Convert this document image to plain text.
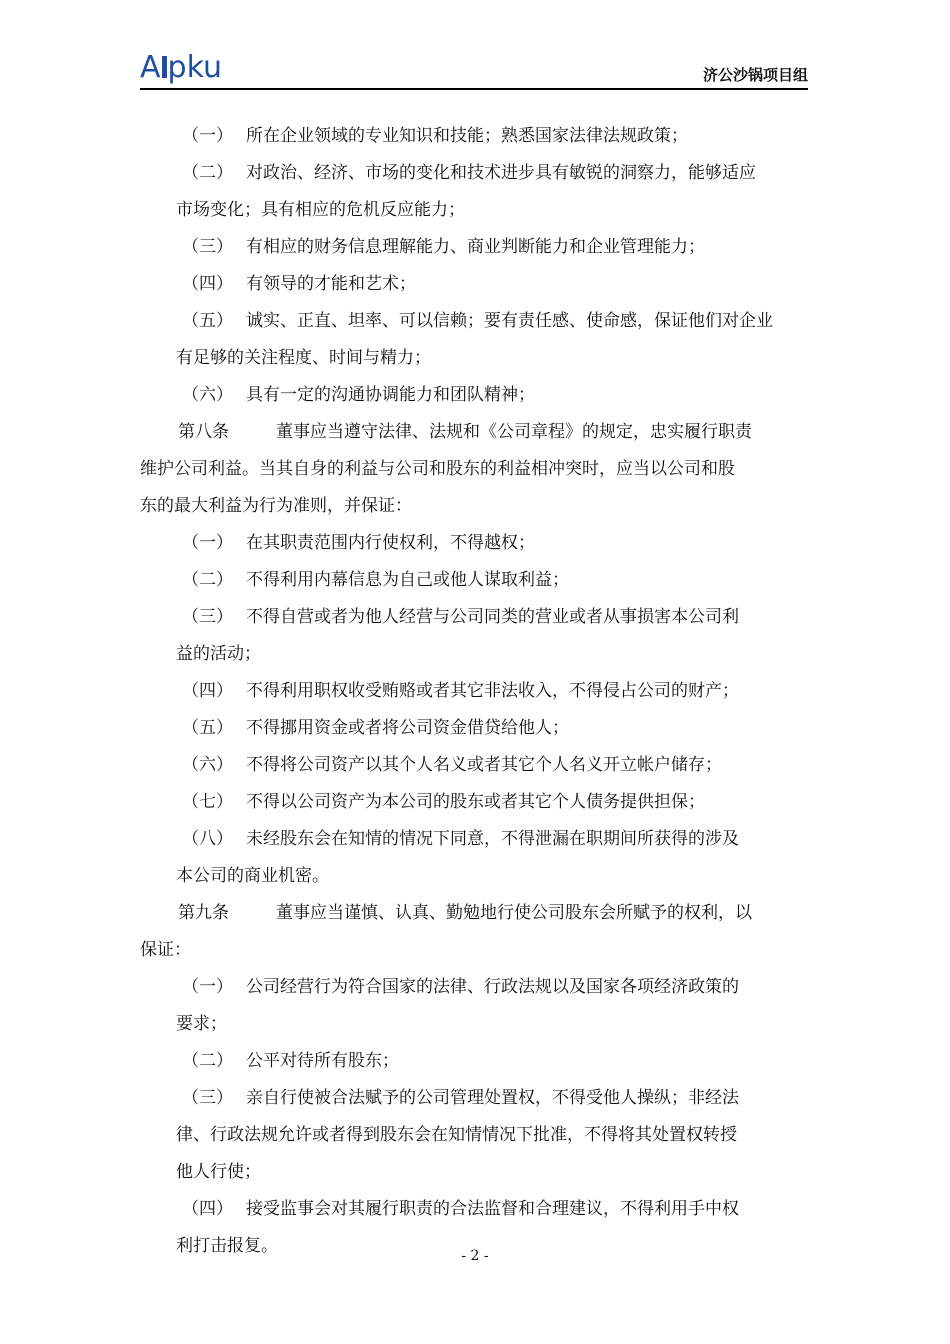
A pku	济公沙锅项目组
（一） 所在企业领域的专业知识和技能；熟悉国家法律法规政策；
（二） 对政治、经济、市场的变化和技术进步具有敏锐的洞察力，能够适应
市场变化；具有相应的危机反应能力；
（三） 有相应的财务信息理解能力、商业判断能力和企业管理能力；
（四） 有领导的才能和艺术；
（五） 诚实、正直、坦率、可以信赖；要有责任感、使命感，保证他们对企业
有足够的关注程度、时间与精力；
（六） 具有一定的沟通协调能力和团队精神；
第八条	董事应当遵守法律、法规和《公司章程》的规定，忠实履行职责
维护公司利益。当其自身的利益与公司和股东的利益相冲突时，应当以公司和股
东的最大利益为行为准则，并保证：
（一） 在其职责范围内行使权利，不得越权；
（二） 不得利用内幕信息为自己或他人谋取利益；
（三） 不得自营或者为他人经营与公司同类的营业或者从事损害本公司利
益的活动；
（四） 不得利用职权收受贿赂或者其它非法收入，不得侵占公司的财产；
（五） 不得挪用资金或者将公司资金借贷给他人；
（六） 不得将公司资产以其个人名义或者其它个人名义开立帐户储存；
（七） 不得以公司资产为本公司的股东或者其它个人债务提供担保；
（八） 未经股东会在知情的情况下同意，不得泄漏在职期间所获得的涉及
本公司的商业机密。
第九条	董事应当谨慎、认真、勤勉地行使公司股东会所赋予的权利，以
保证：
（一） 公司经营行为符合国家的法律、行政法规以及国家各项经济政策的
要求；
（二） 公平对待所有股东；
（三） 亲自行使被合法赋予的公司管理处置权，不得受他人操纵；非经法
律、行政法规允许或者得到股东会在知情情况下批准，不得将其处置权转授
他人行使；
（四） 接受监事会对其履行职责的合法监督和合理建议，不得利用手中权
利打击报复。	- 2 -
